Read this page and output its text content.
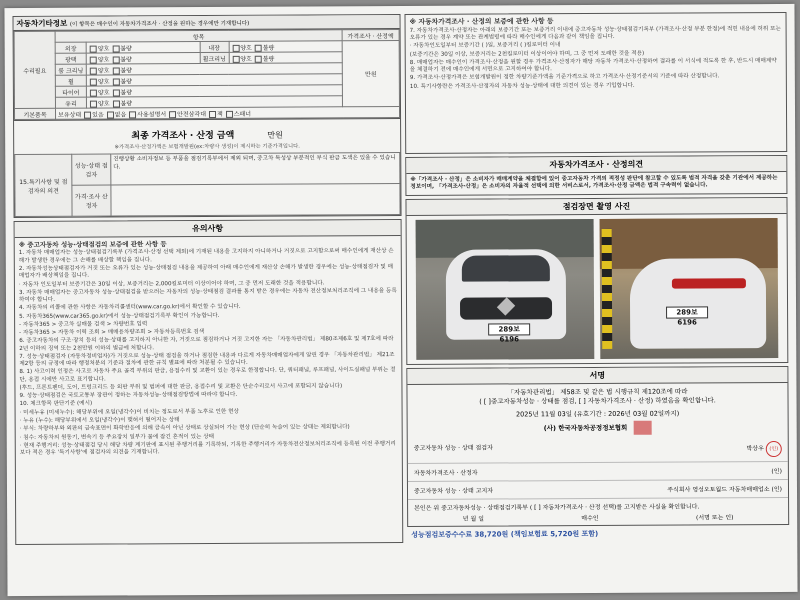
자동차기타정보 (이 항목은 매수인이 자동차가격조사 · 산정을 원하는 경우에만 기재합니다)
수리필요	항목				가격조사 · 산정액
	외장	양호 불량	내장	양호 불량	만원
	광택	양호 불량	휠크리닝	양호 불량	
	룸 크리닝	양호 불량			
	휠	양호 불량			
	타이어	양호 불량			
	유리	양호 불량			
기본품목	보유상태 있음 없음 사용설명서 안전삼각대 잭 스패너				
최종 가격조사 · 산정 금액	만원
※가격조사·산정가액은 보험개발원(ex:차량사 생성)이 제시하는 기준가격입니다.
15.특기사항 및 점검자의 의견	성능·상태 점검자	진행상황 소비자정보 등 부품을 점검기록부에서 제외 되며, 중고차 특성상 부분적인 부식 판금 도색은 있을 수 있습니다.
	가격·조사 산정자	
유의사항
※ 중고자동차 성능·상태점검의 보증에 관한 사항 등
1. 자동차 매매업자는 성능·상태점검기록부 (가격조사·산정 선택 제외)에 기재된 내용을 고지하지 아니하거나 거짓으로 고지함으로써 매수인에게 재산상 손해가 발생한 경우에는 그 손해를 배상할 책임을 집니다.
2. 자동차성능상태점검자가 거짓 또는 오류가 있는 성능·상태점검 내용을 제공하여 아래 매수인에게 재산상 손해가 발생한 경우에는 성능·상태점검자 및 매매업자가 배상책임을 집니다.
· 자동차 인도일부터 보증기간은 30일 이상, 보증거리는 2,000킬로미터 이상이어야 하며, 그 중 먼저 도래한 것을 적용합니다.
3. 자동차 매매업자는 중고자동차 성능·상태점검을 받으려는 자동차의 성능·상태점검 결과를 통지 받은 경우에는 자동차 전산정보처리조직에 그 내용을 등록하여야 합니다.
4. 자동차의 리콜에 관한 사항은 자동차리콜센터(www.car.go.kr)에서 확인할 수 있습니다.
5. 자동차365(www.car365.go.kr)에서 성능·상태점검기록부 확인이 가능합니다.
- 자동차365 > 중고차 실매물 검색 > 차량번호 입력
- 자동차365 > 자동차 이력 조회 > 매매용차량조회 > 자동차등록번호 검색
6. 중고자동차의 구조·장치 등의 성능·상태를 고지하지 아니한 자, 거짓으로 점검하거나 거짓 고지한 자는 「자동차관리법」 제80조제6호 및 제7호에 따라 2년 이하의 징역 또는 2천만원 이하의 벌금에 처합니다.
7. 성능·상태점검자 (자동차정비업자)가 거짓으로 성능·상태 점검을 하거나 점검한 내용과 다르게 자동차매매업자에게 알린 경우 「자동차관리법」 제21조제2항 등의 규정에 따라 행정처분의 기준과 절차에 관한 규칙 별표에 따라 처분될 수 있습니다.
8. 1) 사고이력 인정은 사고로 자동차 주요 골격 부위의 판금, 용접수리 및 교환이 있는 경우로 한정합니다. 단, 쿼터패널, 루프패널, 사이드실패널 부위는 절단, 용접 시에만 사고로 표기합니다.
(후드, 프론트펜더, 도어, 트렁크리드 등 외판 부위 및 범퍼에 대한 판금, 용접수리 및 교환은 단순수리로서 사고에 포함되지 않습니다)
9. 성능·상태점검은 국토교통부 장관이 정하는 자동차성능·상태점검방법에 따라야 합니다.
10. 체크항목 판단기준 (예시)
· 미세누유 (미세누수): 해당부위에 오일(냉각수)이 비치는 정도로서 부품 노후로 인한 현상
· 누유 (누수): 해당부위에서 오일(냉각수)이 맺혀서 떨어지는 상태
· 부식: 차량하부와 외판의 금속표면이 화학반응에 의해 금속이 아닌 상태로 상실되어 가는 현상 (단순히 녹슬어 있는 상태는 제외합니다)
· 침수: 자동차의 원동기, 변속기 등 주요장치 일부가 물에 잠긴 흔적이 있는 상태
· 현재 주행거리: 성능·상태점검 당시 해당 차량 계기판에 표시된 주행거리를 기록하되, 기록한 주행거리가 자동차전산정보처리조직에 등록된 이전 주행거리보다 적은 경우 '특기사항'에 점검자의 의견을 기재합니다.
※ 자동차가격조사 · 산정의 보증에 관한 사항 등
7. 자동차가격조사·산정자는 아래의 보증기간 또는 보증거리 이내에 중고자동차 성능·상태점검기록부 (가격조사·산정 부분 한정)에 적힌 내용에 허위 또는 오류가 있는 경우 계약 또는 관계법령에 따라 매수인에게 다음과 같이 책임을 집니다.
· 자동차인도일부터 보증기간 ( )일, 보증거리 ( )킬로미터 이내
(보증기간은 30일 이상, 보증거리는 2천킬로미터 이상이어야 하며, 그 중 먼저 도래한 것을 적용)
8. 매매업자는 매수인이 가격조사·산정을 원할 경우 가격조사·산정자가 해당 자동차 가격조사·산정하여 결과를 이 서식에 적도록 한 후, 반드시 매매계약을 체결하기 전에 매수인에게 서면으로 고지하여야 합니다.
9. 가격조사·산정가격은 보험개발원이 정한 차량기준가액을 기준가격으로 하고 가격조사·산정기준서의 기준에 따라 산정합니다.
10. 특기사항란은 가격조사·산정자의 자동차 성능·상태에 대한 의견이 있는 경우 기입합니다.
자동차가격조사 · 산정의견
※「가격조사 · 산정」은 소비자가 매매계약을 체결함에 있어 중고자동차 가격의 적정성 판단에 참고할 수 있도록 법적 자격을 갖춘 기관에서 제공하는 정보이며, 「가격조사·산정」은 소비자의 자율적 선택에 의한 서비스로서, 가격조사·산정 금액은 법적 구속력이 없습니다.
점검장면 촬영 사진
289보6196
289보6196
서명
「자동차관리법」 제58조 및 같은 법 시행규칙 제120조에 따라
( [ ]중고자동차성능 · 상태를 점검, [ ] 자동차가격조사 · 산정) 하였음을 확인합니다.
2025년 11월 03일 (유효기간 : 2026년 03월 02일까지)
(사) 한국자동차공정정보협회
중고자동차 성능 · 상태 점검자	박상우 (인)
자동차가격조사 · 산정자	(인)
중고자동차 성능 · 상태 고지자	주식회사 영성오토월드 자동차매매업소 (인)
본인은 위 중고자동차성능 · 상태점검기록부 ( [ ] 자동차가격조사 · 산정 선택)를 고지받은 사실을 확인합니다.
년 월 일	매수인	(서명 또는 인)
성능점검보증수수료 38,720원 (책임보험료 5,720원 포함)
